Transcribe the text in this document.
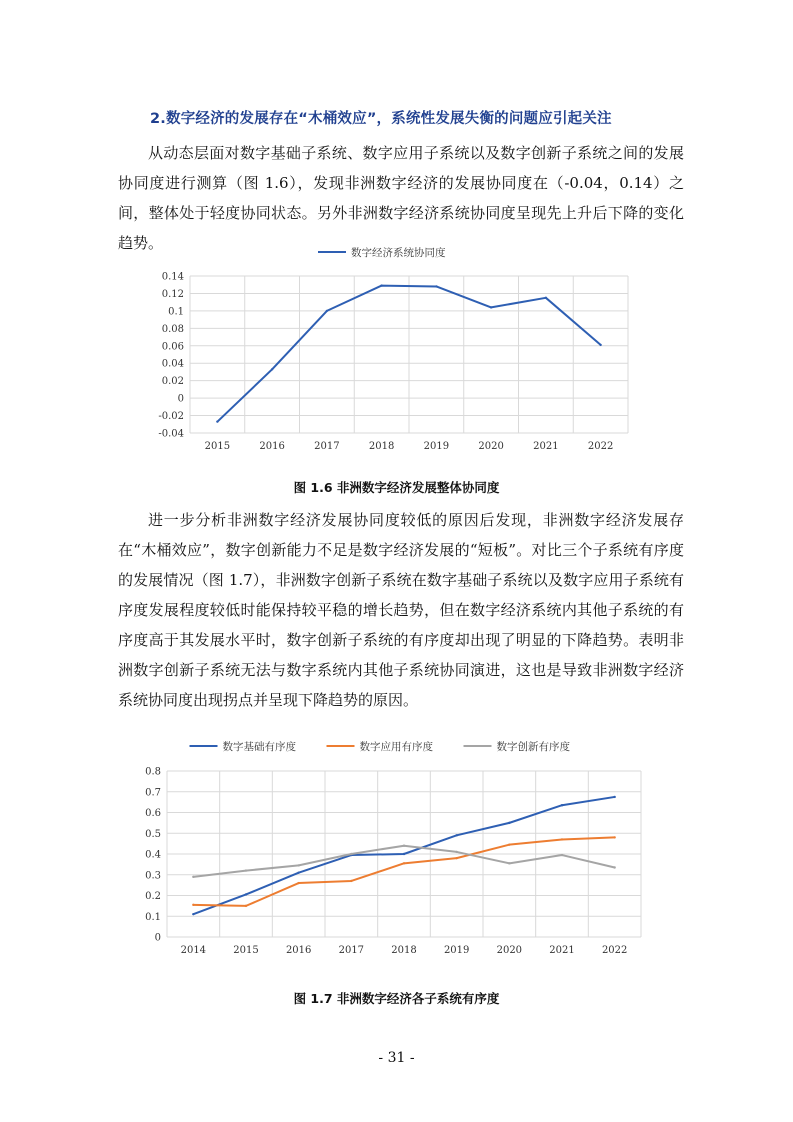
2.数字经济的发展存在“木桶效应”，系统性发展失衡的问题应引起关注

从动态层面对数字基础子系统、数字应用子系统以及数字创新子系统之间的发展协同度进行测算（图 1.6），发现非洲数字经济的发展协同度在（-0.04，0.14）之间，整体处于轻度协同状态。另外非洲数字经济系统协同度呈现先上升后下降的变化趋势。

数字经济系统协同度
0.14
0.12
0.1
0.08
0.06
0.04
0.02
0
-0.02
-0.04
2015	2016	2017	2018	2019	2020	2021	2022
图 1.6 非洲数字经济发展整体协同度

进一步分析非洲数字经济发展协同度较低的原因后发现，非洲数字经济发展存在“木桶效应”，数字创新能力不足是数字经济发展的“短板”。对比三个子系统有序度的发展情况（图 1.7），非洲数字创新子系统在数字基础子系统以及数字应用子系统有序度发展程度较低时能保持较平稳的增长趋势，但在数字经济系统内其他子系统的有序度高于其发展水平时，数字创新子系统的有序度却出现了明显的下降趋势。表明非洲数字创新子系统无法与数字系统内其他子系统协同演进，这也是导致非洲数字经济系统协同度出现拐点并呈现下降趋势的原因。

数字基础有序度	数字应用有序度	数字创新有序度
0.8
0.7
0.6
0.5
0.4
0.3
0.2
0.1
0
2014	2015	2016	2017	2018	2019	2020	2021	2022
图 1.7 非洲数字经济各子系统有序度
- 31 -
